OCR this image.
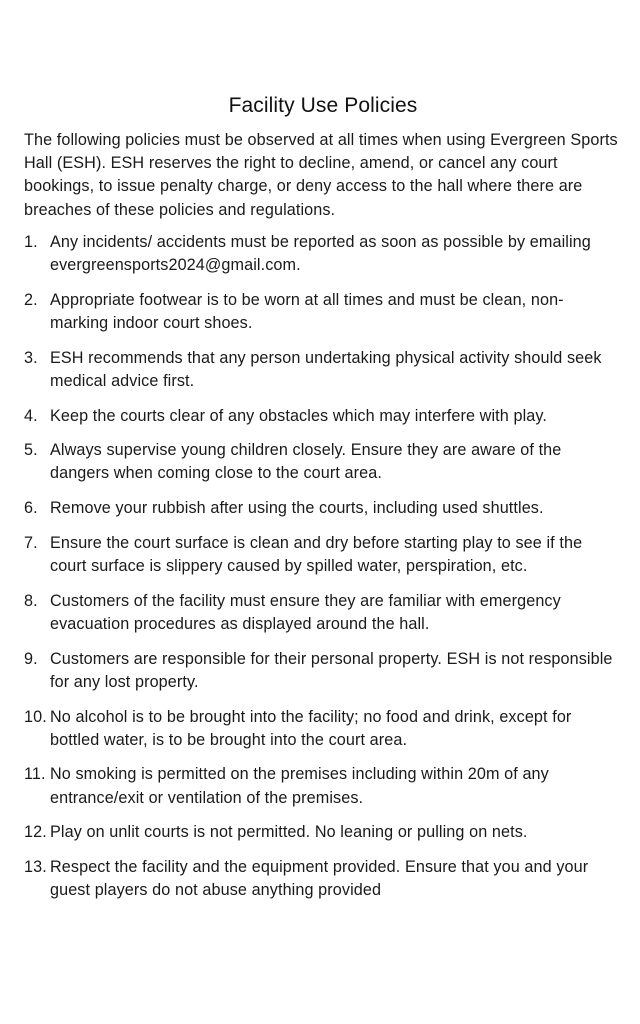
Facility Use Policies

The following policies must be observed at all times when using Evergreen Sports Hall (ESH). ESH reserves the right to decline, amend, or cancel any court bookings, to issue penalty charge, or deny access to the hall where there are breaches of these policies and regulations.

1. Any incidents/ accidents must be reported as soon as possible by emailing evergreensports2024@gmail.com.
2. Appropriate footwear is to be worn at all times and must be clean, non- marking indoor court shoes.
3. ESH recommends that any person undertaking physical activity should seek medical advice first.
4. Keep the courts clear of any obstacles which may interfere with play.
5. Always supervise young children closely. Ensure they are aware of the dangers when coming close to the court area.
6. Remove your rubbish after using the courts, including used shuttles.
7. Ensure the court surface is clean and dry before starting play to see if the court surface is slippery caused by spilled water, perspiration, etc.
8. Customers of the facility must ensure they are familiar with emergency evacuation procedures as displayed around the hall.
9. Customers are responsible for their personal property. ESH is not responsible for any lost property.
10. No alcohol is to be brought into the facility; no food and drink, except for bottled water, is to be brought into the court area.
11. No smoking is permitted on the premises including within 20m of any entrance/exit or ventilation of the premises.
12. Play on unlit courts is not permitted. No leaning or pulling on nets.
13. Respect the facility and the equipment provided. Ensure that you and your guest players do not abuse anything provided
